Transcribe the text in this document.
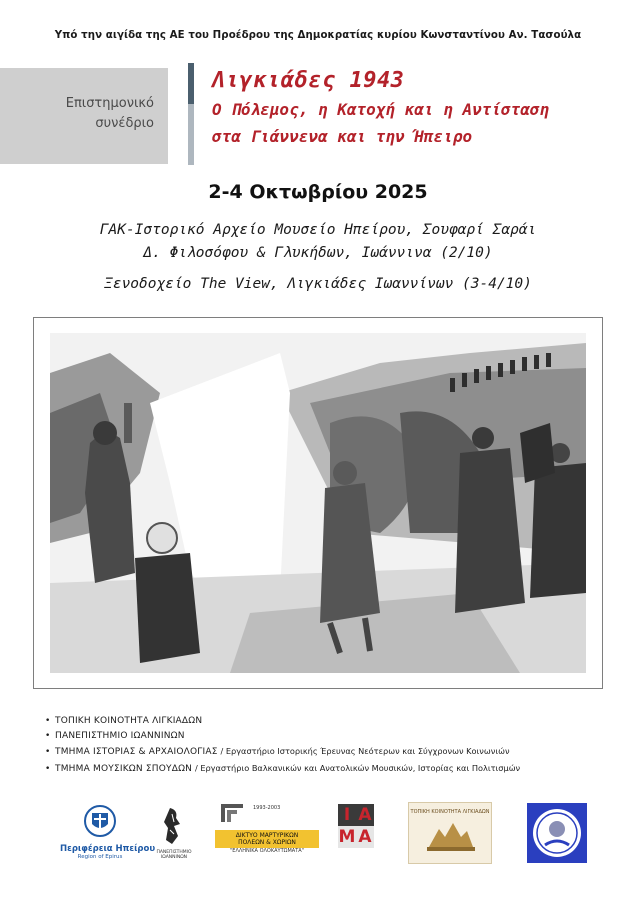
Υπό την αιγίδα της ΑΕ του Προέδρου της Δημοκρατίας κυρίου Κωνσταντίνου Αν. Τασούλα
Επιστημονικό
συνέδριο
Λιγκιάδες 1943
Ο Πόλεμος, η Κατοχή και η Αντίσταση
στα Γιάννενα και την Ήπειρο
2-4 Οκτωβρίου 2025
ΓΑΚ-Ιστορικό Αρχείο Μουσείο Ηπείρου, Σουφαρί Σαράι
Δ. Φιλοσόφου & Γλυκήδων, Ιωάννινα (2/10)
Ξενοδοχείο The View, Λιγκιάδες Ιωαννίνων (3-4/10)
• ΤΟΠΙΚΗ ΚΟΙΝΟΤΗΤΑ ΛΙΓΚΙΑΔΩΝ
• ΠΑΝΕΠΙΣΤΗΜΙΟ ΙΩΑΝΝΙΝΩΝ
• ΤΜΗΜΑ ΙΣΤΟΡΙΑΣ & ΑΡΧΑΙΟΛΟΓΙΑΣ / Εργαστήριο Ιστορικής Έρευνας Νεότερων και Σύγχρονων Κοινωνιών
• ΤΜΗΜΑ ΜΟΥΣΙΚΩΝ ΣΠΟΥΔΩΝ / Εργαστήριο Βαλκανικών και Ανατολικών Μουσικών, Ιστορίας και Πολιτισμών
Περιφέρεια Ηπείρου
Region of Epirus
ΠΑΝΕΠΙΣΤΗΜΙΟ ΙΩΑΝΝΙΝΩΝ
1993-2003
ΔΙΚΤΥΟ ΜΑΡΤΥΡΙΚΩΝ
ΠΟΛΕΩΝ & ΧΩΡΙΩΝ
"ΕΛΛΗΝΙΚΑ ΟΛΟΚΑΥΤΩΜΑΤΑ"
Ι Α
Μ Α
ΤΟΠΙΚΗ ΚΟΙΝΟΤΗΤΑ ΛΙΓΚΙΑΔΩΝ
